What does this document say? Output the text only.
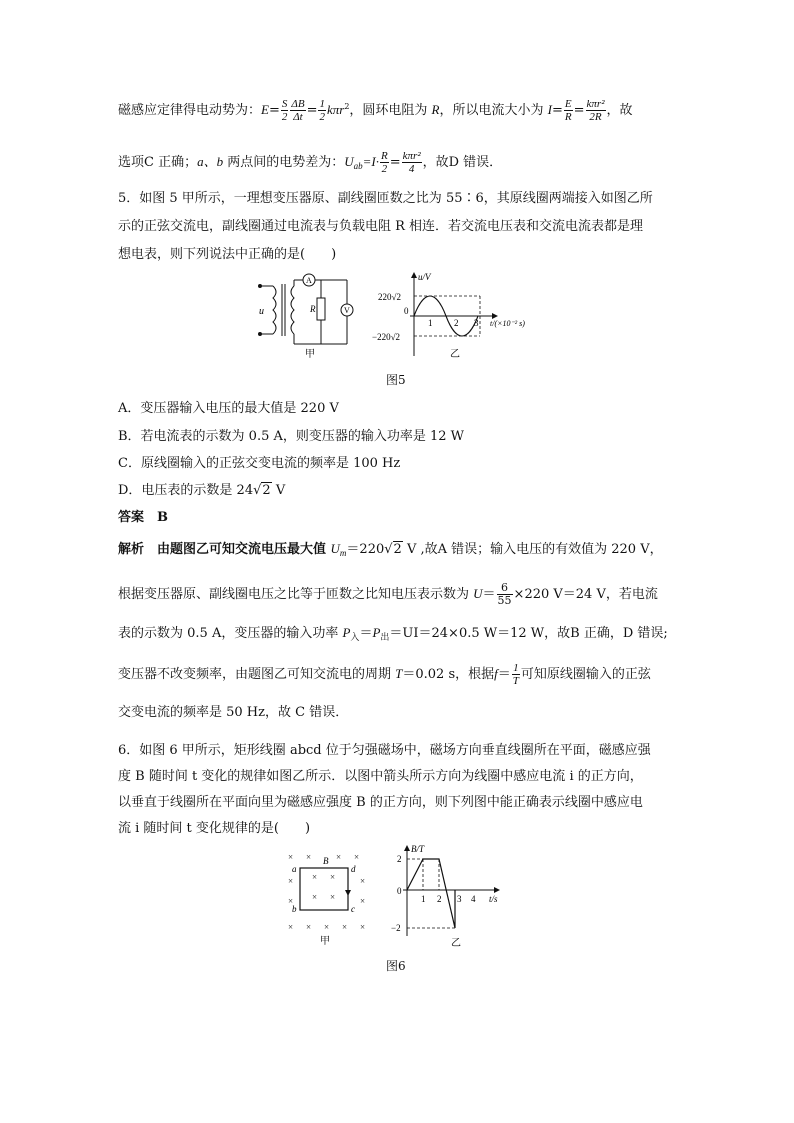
磁感应定律得电动势为：$E= \frac{S}{2} \frac{\Delta B}{\Delta t} = \frac{1}{2} k\pi r^2$，圆环电阻为 R，所以电流大小为 $I= \frac{E}{R} = \frac{\text{kπr²}}{2R}$ ，故
选项C 正确；a、b 两点间的电势差为：$U_{ab}=I\cdot \frac{R}{2} = \frac{\text{kπr²}}{4}$ ，故D 错误．
5．如图 5 甲所示，一理想变压器原、副线圈匝数之比为 55∶6，其原线圈两端接入如图乙所
示的正弦交流电，副线圈通过电流表与负载电阻 R 相连．若交流电压表和交流电流表都是理
想电表，则下列说法中正确的是(　　)
u	R
A
V
甲
u/V
220√2
−220√2
0
1 2 3 t/(×10⁻² s)
乙
图5
A．变压器输入电压的最大值是 220 V
B．若电流表的示数为 0.5 A，则变压器的输入功率是 12 W
C．原线圈输入的正弦交变电流的频率是 100 Hz
D．电压表的示数是 24√2 V
答案　B
解析　由题图乙可知交流电压最大值 $U_m=220√2$ V ,故A 错误；输入电压的有效值为 220 V，
根据变压器原、副线圈电压之比等于匝数之比知电压表示数为 $U= \frac{6}{55} \times 220$ V＝24 V，若电流
表的示数为 0.5 A，变压器的输入功率 $P_入=P_出=UI=24\times 0.5$ W＝12 W，故B 正确，D 错误;
变压器不改变频率，由题图乙可知交流电的周期 T＝0.02 s，根据$f= \frac{1}{T}$ 可知原线圈输入的正弦
交变电流的频率是 50 Hz，故 C 错误．
6．如图 6 甲所示，矩形线圈 abcd 位于匀强磁场中，磁场方向垂直线圈所在平面，磁感应强
度 B 随时间 t 变化的规律如图乙所示．以图中箭头所示方向为线圈中感应电流 i 的正方向，
以垂直于线圈所在平面向里为磁感应强度 B 的正方向，则下列图中能正确表示线圈中感应电
流 i 随时间 t 变化规律的是(　　)
× ×	× ×
× × ×	×
× ×
× × × × ×
×
×
a
b	c
d
B
甲
B/T
2
−2
0
1 2 3 4 t/s
乙
图6
